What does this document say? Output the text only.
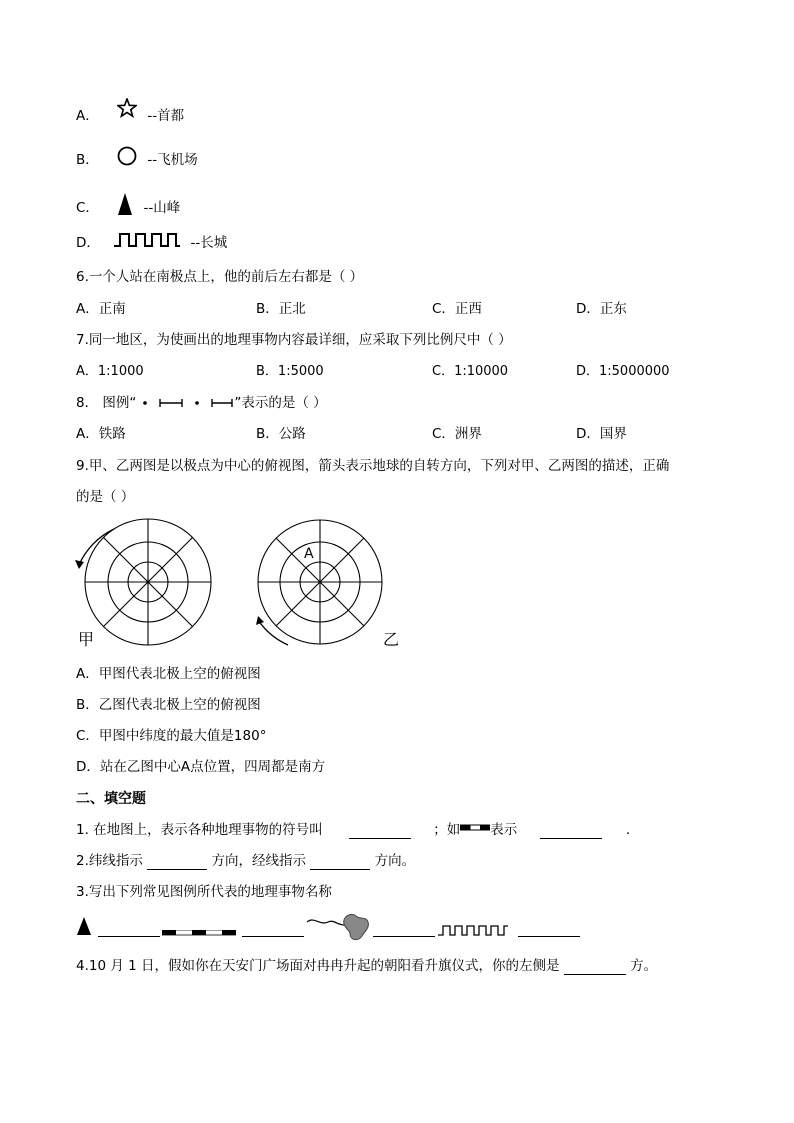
A．	--首都
B．	--飞机场
C．	--山峰
D．	--长城
6.一个人站在南极点上，他的前后左右都是（ ）
A．正南	B．正北	C．正西	D．正东
7.同一地区，为使画出的地理事物内容最详细，应采取下列比例尺中（ ）
A．1:1000	B．1:5000	C．1:10000	D．1:5000000
8． 图例“	”表示的是（ ）
A．铁路	B．公路	C．洲界	D．国界
9.甲、乙两图是以极点为中心的俯视图，箭头表示地球的自转方向，下列对甲、乙两图的描述，正确
的是（ ）
甲
A
乙
A．甲图代表北极上空的俯视图
B．乙图代表北极上空的俯视图
C．甲图中纬度的最大值是180°
D．站在乙图中心A点位置，四周都是南方
二、填空题
1. 在地图上，表示各种地理事物的符号叫	；如 表示	．
2.纬线指示	方向，经线指示	方向。
3.写出下列常见图例所代表的地理事物名称
4.10 月 1 日，假如你在天安门广场面对冉冉升起的朝阳看升旗仪式，你的左侧是	方。
